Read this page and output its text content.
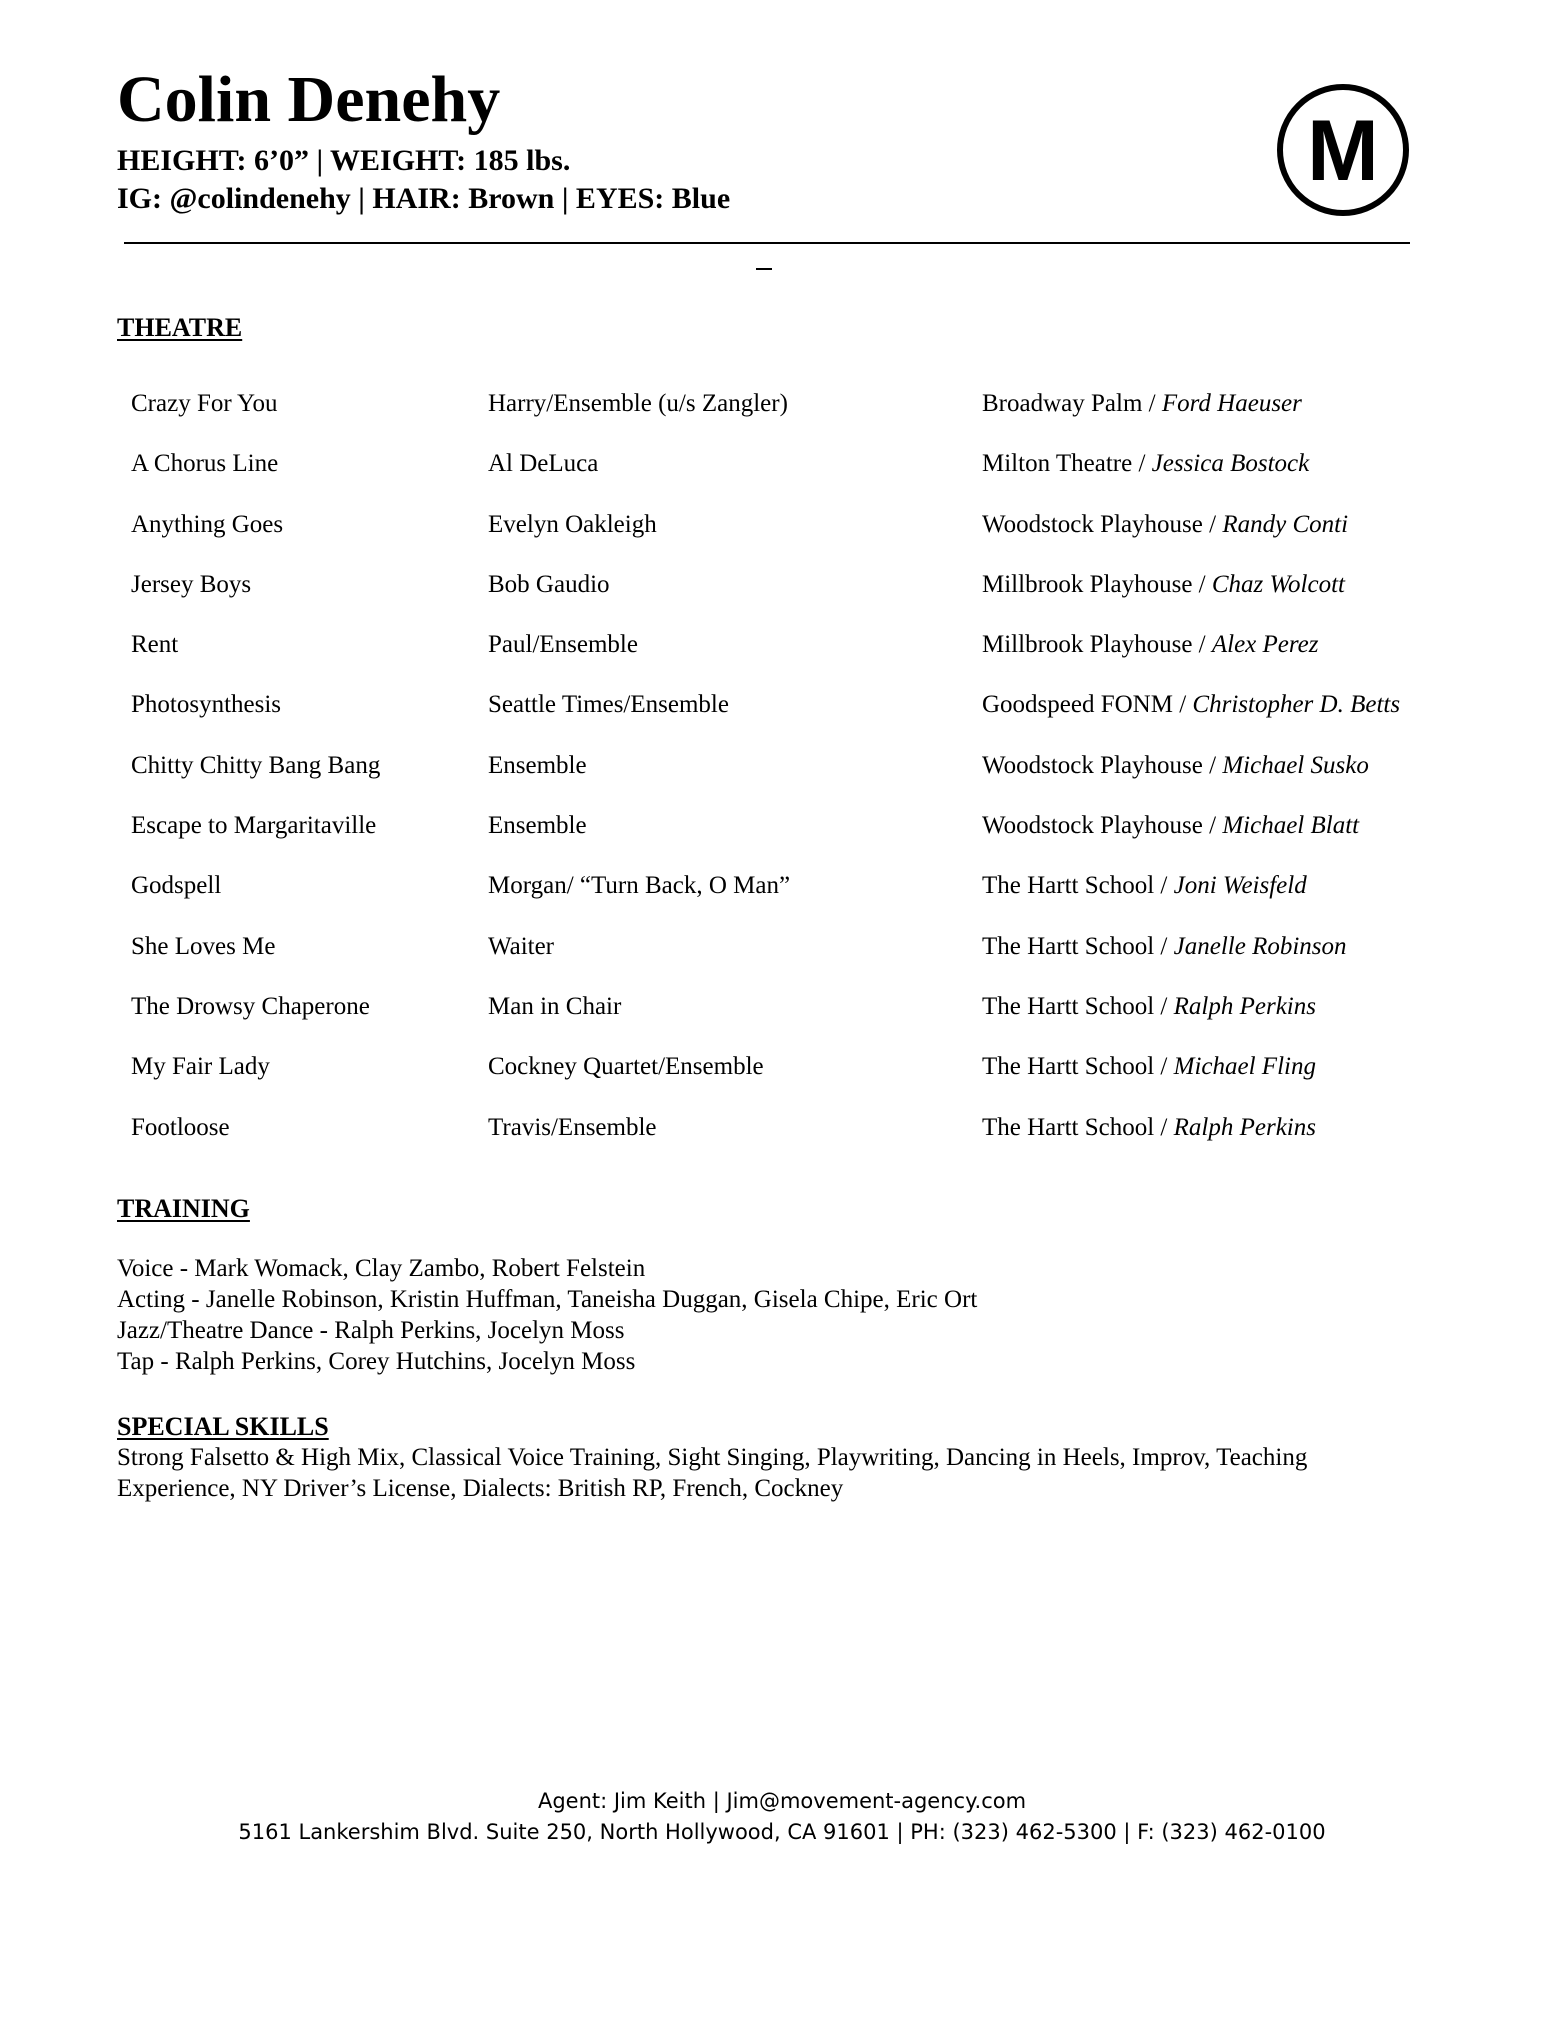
Colin Denehy
HEIGHT: 6’0” | WEIGHT: 185 lbs.
IG: @colindenehy | HAIR: Brown | EYES: Blue	M
THEATRE
Crazy For You	Harry/Ensemble (u/s Zangler)	Broadway Palm / Ford Haeuser
A Chorus Line	Al DeLuca	Milton Theatre / Jessica Bostock
Anything Goes	Evelyn Oakleigh	Woodstock Playhouse / Randy Conti
Jersey Boys	Bob Gaudio	Millbrook Playhouse / Chaz Wolcott
Rent	Paul/Ensemble	Millbrook Playhouse / Alex Perez
Photosynthesis	Seattle Times/Ensemble	Goodspeed FONM / Christopher D. Betts
Chitty Chitty Bang Bang	Ensemble	Woodstock Playhouse / Michael Susko
Escape to Margaritaville	Ensemble	Woodstock Playhouse / Michael Blatt
Godspell	Morgan/ “Turn Back, O Man”	The Hartt School / Joni Weisfeld
She Loves Me	Waiter	The Hartt School / Janelle Robinson
The Drowsy Chaperone	Man in Chair	The Hartt School / Ralph Perkins
My Fair Lady	Cockney Quartet/Ensemble	The Hartt School / Michael Fling
Footloose	Travis/Ensemble	The Hartt School / Ralph Perkins
TRAINING
Voice - Mark Womack, Clay Zambo, Robert Felstein
Acting - Janelle Robinson, Kristin Huffman, Taneisha Duggan, Gisela Chipe, Eric Ort
Jazz/Theatre Dance - Ralph Perkins, Jocelyn Moss
Tap - Ralph Perkins, Corey Hutchins, Jocelyn Moss
SPECIAL SKILLS
Strong Falsetto & High Mix, Classical Voice Training, Sight Singing, Playwriting, Dancing in Heels, Improv, Teaching Experience, NY Driver’s License, Dialects: British RP, French, Cockney
Agent: Jim Keith | Jim@movement-agency.com
5161 Lankershim Blvd. Suite 250, North Hollywood, CA 91601 | PH: (323) 462-5300 | F: (323) 462-0100
